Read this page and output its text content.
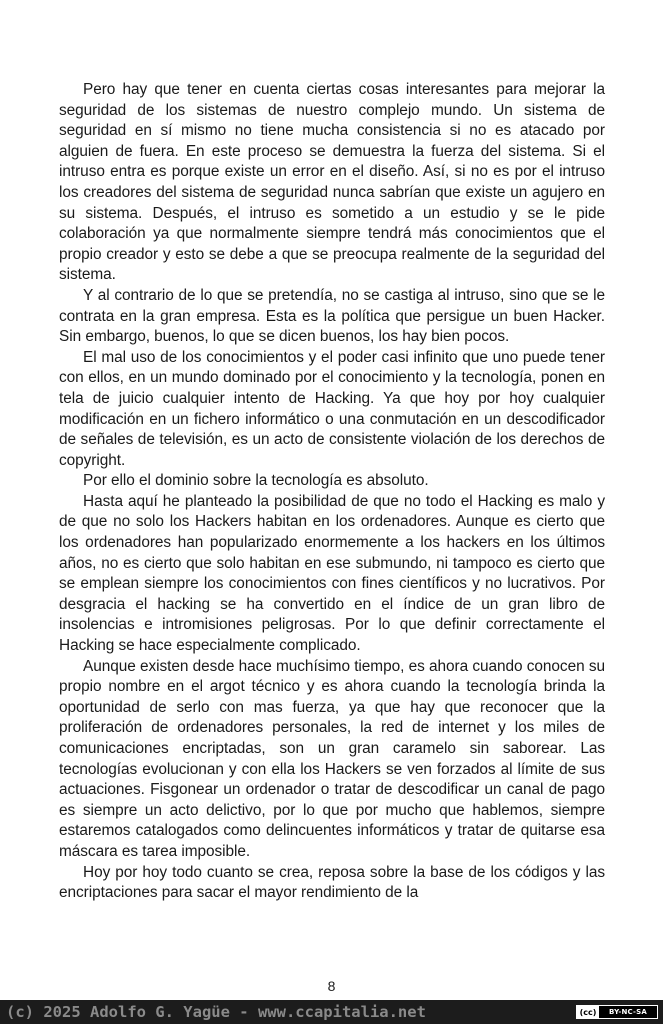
Pero hay que tener en cuenta ciertas cosas interesantes para mejorar la seguridad de los sistemas de nuestro complejo mundo. Un sistema de seguridad en sí mismo no tiene mucha consistencia si no es atacado por alguien de fuera. En este proceso se demuestra la fuerza del sistema. Si el intruso entra es porque existe un error en el diseño. Así, si no es por el intruso los creadores del sistema de seguridad nunca sabrían que existe un agujero en su sistema. Después, el intruso es sometido a un estudio y se le pide colaboración ya que normalmente siempre tendrá más conocimientos que el propio creador y esto se debe a que se preocupa realmente de la seguridad del sistema.

Y al contrario de lo que se pretendía, no se castiga al intruso, sino que se le contrata en la gran empresa. Esta es la política que persigue un buen Hacker. Sin embargo, buenos, lo que se dicen buenos, los hay bien pocos.

El mal uso de los conocimientos y el poder casi infinito que uno puede tener con ellos, en un mundo dominado por el conocimiento y la tecnología, ponen en tela de juicio cualquier intento de Hacking. Ya que hoy por hoy cualquier modificación en un fichero informático o una conmutación en un descodificador de señales de televisión, es un acto de consistente violación de los derechos de copyright.

Por ello el dominio sobre la tecnología es absoluto.

Hasta aquí he planteado la posibilidad de que no todo el Hacking es malo y de que no solo los Hackers habitan en los ordenadores. Aunque es cierto que los ordenadores han popularizado enormemente a los hackers en los últimos años, no es cierto que solo habitan en ese submundo, ni tampoco es cierto que se emplean siempre los conocimientos con fines científicos y no lucrativos. Por desgracia el hacking se ha convertido en el índice de un gran libro de insolencias e intromisiones peligrosas. Por lo que definir correctamente el Hacking se hace especialmente complicado.

Aunque existen desde hace muchísimo tiempo, es ahora cuando conocen su propio nombre en el argot técnico y es ahora cuando la tecnología brinda la oportunidad de serlo con mas fuerza, ya que hay que reconocer que la proliferación de ordenadores personales, la red de internet y los miles de comunicaciones encriptadas, son un gran caramelo sin saborear. Las tecnologías evolucionan y con ella los Hackers se ven forzados al límite de sus actuaciones. Fisgonear un ordenador o tratar de descodificar un canal de pago es siempre un acto delictivo, por lo que por mucho que hablemos, siempre estaremos catalogados como delincuentes informáticos y tratar de quitarse esa máscara es tarea imposible.

Hoy por hoy todo cuanto se crea, reposa sobre la base de los códigos y las encriptaciones para sacar el mayor rendimiento de la

8
(c) 2025 Adolfo G. Yagüe - www.ccapitalia.net	(cc)	BY-NC-SA
